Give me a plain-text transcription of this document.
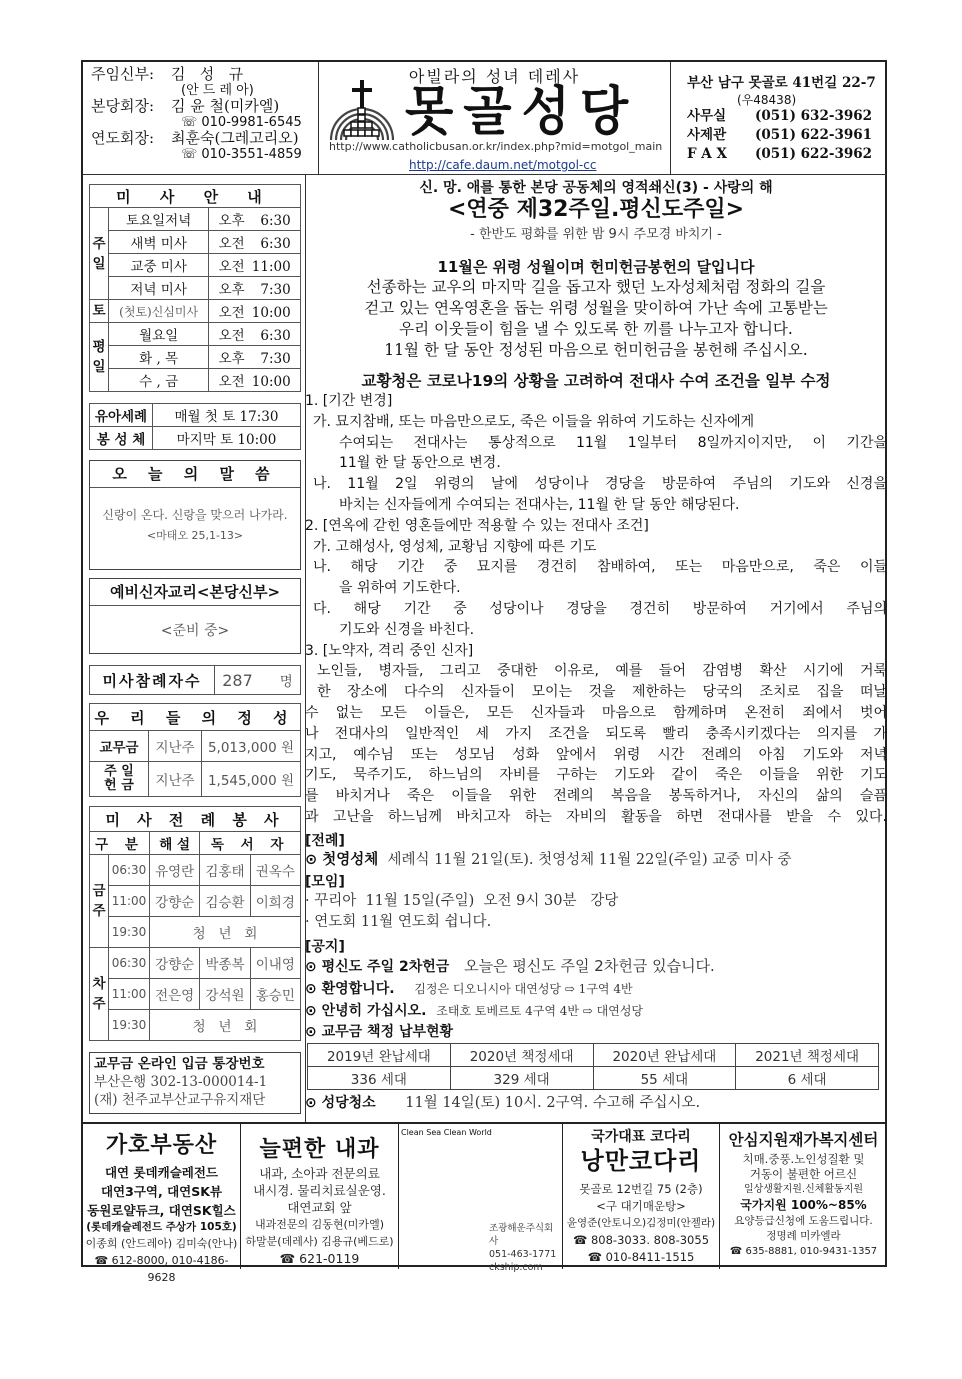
주임신부:	김   성   규
(안 드 레 아)
본당회장:	김 윤 철(미카엘)
☏ 010-9981-6545
연도회장:	최훈숙(그레고리오)
☏ 010-3551-4859
아빌라의 성녀 데레사
못골성당
http://www.catholicbusan.or.kr/index.php?mid=motgol_main
http://cafe.daum.net/motgol-cc
부산 남구 못골로 41번길 22-7
(우48438)
사무실	(051) 632-3962
사제관	(051) 622-3961
F A X	(051) 622-3962
미 사 안 내		
주
일	토요일저녁	오후 6:30
	새벽 미사	오전 6:30
	교중 미사	오전 11:00
	저녁 미사	오후 7:30
토	(첫토)신심미사	오전 10:00
평
일	월요일	오전 6:30
	화 , 목	오후 7:30
	수 , 금	오전 10:00
유아세례	매월 첫 토 17:30
봉 성 체	마지막 토 10:00
오 늘 의 말 씀
신랑이 온다. 신랑을 맞으러 나가라.
<마태오 25,1-13>
예비신자교리<본당신부>
<준비 중>
미사참례자수	287 명
우 리 들 의 정 성		
교무금	지난주	5,013,000 원
주 일
헌 금	지난주	1,545,000 원
미 사 전 례 봉 사				
구 분		해 설	독 서 자	
금
주	06:30	유영란	김홍태	권옥수
	11:00	강향순	김승환	이희경
	19:30	청   년   회		
차
주	06:30	강향순	박종복	이내영
	11:00	전은영	강석원	홍승민
	19:30	청   년   회		
교무금 온라인 입금 통장번호
부산은행 302-13-000014-1
(재) 천주교부산교구유지재단
신. 망. 애를 통한 본당 공동체의 영적쇄신(3) - 사랑의 해
<연중 제32주일.평신도주일>
- 한반도 평화를 위한 밤 9시 주모경 바치기 -
11월은 위령 성월이며 헌미헌금봉헌의 달입니다
선종하는 교우의 마지막 길을 돕고자 했던 노자성체처럼 정화의 길을
걷고 있는 연옥영혼을 돕는 위령 성월을 맞이하여 가난 속에 고통받는
우리 이웃들이 힘을 낼 수 있도록 한 끼를 나누고자 합니다.
11월 한 달 동안 정성된 마음으로 헌미헌금을 봉헌해 주십시오.
교황청은 코로나19의 상황을 고려하여 전대사 수여 조건을 일부 수정
1. [기간 변경]
가. 묘지참배, 또는 마음만으로도, 죽은 이들을 위하여 기도하는 신자에게
수여되는 전대사는 통상적으로 11월 1일부터 8일까지이지만, 이 기간을
11월 한 달 동안으로 변경.
나. 11월 2일 위령의 날에 성당이나 경당을 방문하여 주님의 기도와 신경을
바치는 신자들에게 수여되는 전대사는, 11월 한 달 동안 해당된다.
2. [연옥에 갇힌 영혼들에만 적용할 수 있는 전대사 조건]
가. 고해성사, 영성체, 교황님 지향에 따른 기도
나. 해당 기간 중 묘지를 경건히 참배하여, 또는 마음만으로, 죽은 이들
을 위하여 기도한다.
다. 해당 기간 중 성당이나 경당을 경건히 방문하여 거기에서 주님의
기도와 신경을 바친다.
3. [노약자, 격리 중인 신자]
노인들, 병자들, 그리고 중대한 이유로, 예를 들어 감염병 확산 시기에 거룩
한 장소에 다수의 신자들이 모이는 것을 제한하는 당국의 조치로 집을 떠날
수 없는 모든 이들은, 모든 신자들과 마음으로 함께하며 온전히 죄에서 벗어
나 전대사의 일반적인 세 가지 조건을 되도록 빨리 충족시키겠다는 의지를 가
지고, 예수님 또는 성모님 성화 앞에서 위령 시간 전례의 아침 기도와 저녁
기도, 묵주기도, 하느님의 자비를 구하는 기도와 같이 죽은 이들을 위한 기도
를 바치거나 죽은 이들을 위한 전례의 복음을 봉독하거나, 자신의 삶의 슬픔
과 고난을 하느님께 바치고자 하는 자비의 활동을 하면 전대사를 받을 수 있다.
[전례]
⊙ 첫영성체 세례식 11월 21일(토). 첫영성체 11월 22일(주일) 교중 미사 중
[모임]
· 꾸리아  11월 15일(주일)  오전 9시 30분   강당
· 연도회 11월 연도회 쉽니다.
[공지]
⊙ 평신도 주일 2차헌금 오늘은 평신도 주일 2차헌금 있습니다.
⊙ 환영합니다. 김정은 디오니시아 대연성당 ⇨ 1구역 4반
⊙ 안녕히 가십시오. 조태호 토베르토 4구역 4반 ⇨ 대연성당
⊙ 교무금 책정 납부현황
2019년 완납세대	2020년 책정세대	2020년 완납세대	2021년 책정세대
336 세대	329 세대	55 세대	6 세대
⊙ 성당청소 11월 14일(토) 10시. 2구역. 수고해 주십시오.
가호부동산
대연 롯데캐슬레전드
대연3구역, 대연SK뷰
동원로얄듀크, 대연SK힐스
(롯데캐슬레전드 주상가 105호)
이종희 (안드레아) 김미숙(안나)
☎ 612-8000, 010-4186-9628
늘편한 내과
내과, 소아과 전문의료
내시경. 물리치료실운영.
대연교회 앞
내과전문의 김동현(미카엘)
하말분(데레사) 김용규(베드로)
☎ 621-0119
Clean Sea Clean World
조광해운주식회사
051-463-1771
ckship.com
국가대표 코다리
낭만코다리
못골로 12번길 75 (2층)
<구 대기매운탕>
윤영준(안토니오)김정미(안젤라)
☎ 808-3033. 808-3055
☎ 010-8411-1515
안심지원재가복지센터
치매.중풍.노인성질환 및
거동이 불편한 어르신
일상생활지원.신체활동지원
국가지원 100%~85%
요양등급신청에 도움드립니다.
정명례 미카엘라
☎ 635-8881, 010-9431-1357
